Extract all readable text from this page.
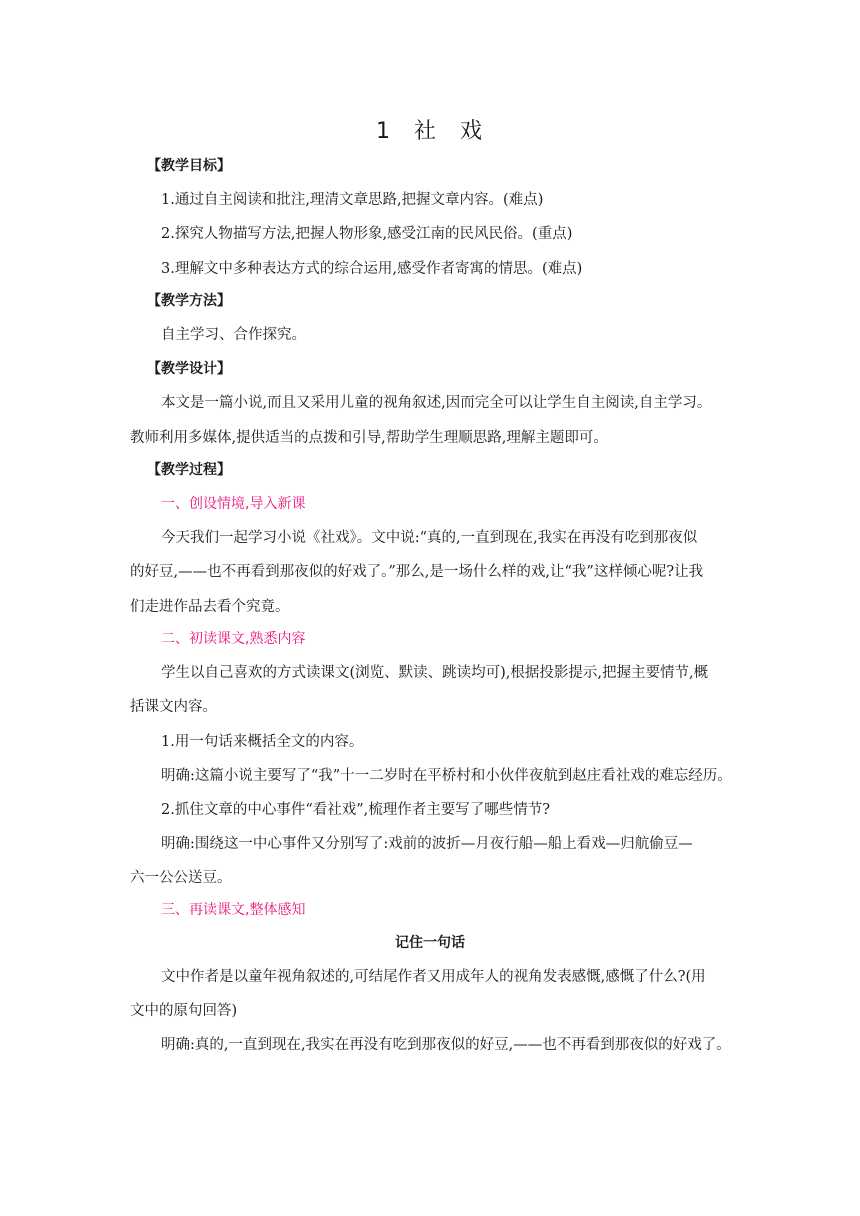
1 社 戏
【教学目标】
1.通过自主阅读和批注,理清文章思路,把握文章内容。(难点)
2.探究人物描写方法,把握人物形象,感受江南的民风民俗。(重点)
3.理解文中多种表达方式的综合运用,感受作者寄寓的情思。(难点)
【教学方法】
自主学习、合作探究。
【教学设计】
本文是一篇小说,而且又采用儿童的视角叙述,因而完全可以让学生自主阅读,自主学习。
教师利用多媒体,提供适当的点拨和引导,帮助学生理顺思路,理解主题即可。
【教学过程】
一、创设情境,导入新课
今天我们一起学习小说《社戏》。文中说:“真的,一直到现在,我实在再没有吃到那夜似
的好豆,——也不再看到那夜似的好戏了。”那么,是一场什么样的戏,让“我”这样倾心呢?让我
们走进作品去看个究竟。
二、初读课文,熟悉内容
学生以自己喜欢的方式读课文(浏览、默读、跳读均可),根据投影提示,把握主要情节,概
括课文内容。
1.用一句话来概括全文的内容。
明确:这篇小说主要写了“我”十一二岁时在平桥村和小伙伴夜航到赵庄看社戏的难忘经历。
2.抓住文章的中心事件“看社戏”,梳理作者主要写了哪些情节?
明确:围绕这一中心事件又分别写了:戏前的波折—月夜行船—船上看戏—归航偷豆—
六一公公送豆。
三、再读课文,整体感知
记住一句话
文中作者是以童年视角叙述的,可结尾作者又用成年人的视角发表感慨,感慨了什么?(用
文中的原句回答)
明确:真的,一直到现在,我实在再没有吃到那夜似的好豆,——也不再看到那夜似的好戏了。
